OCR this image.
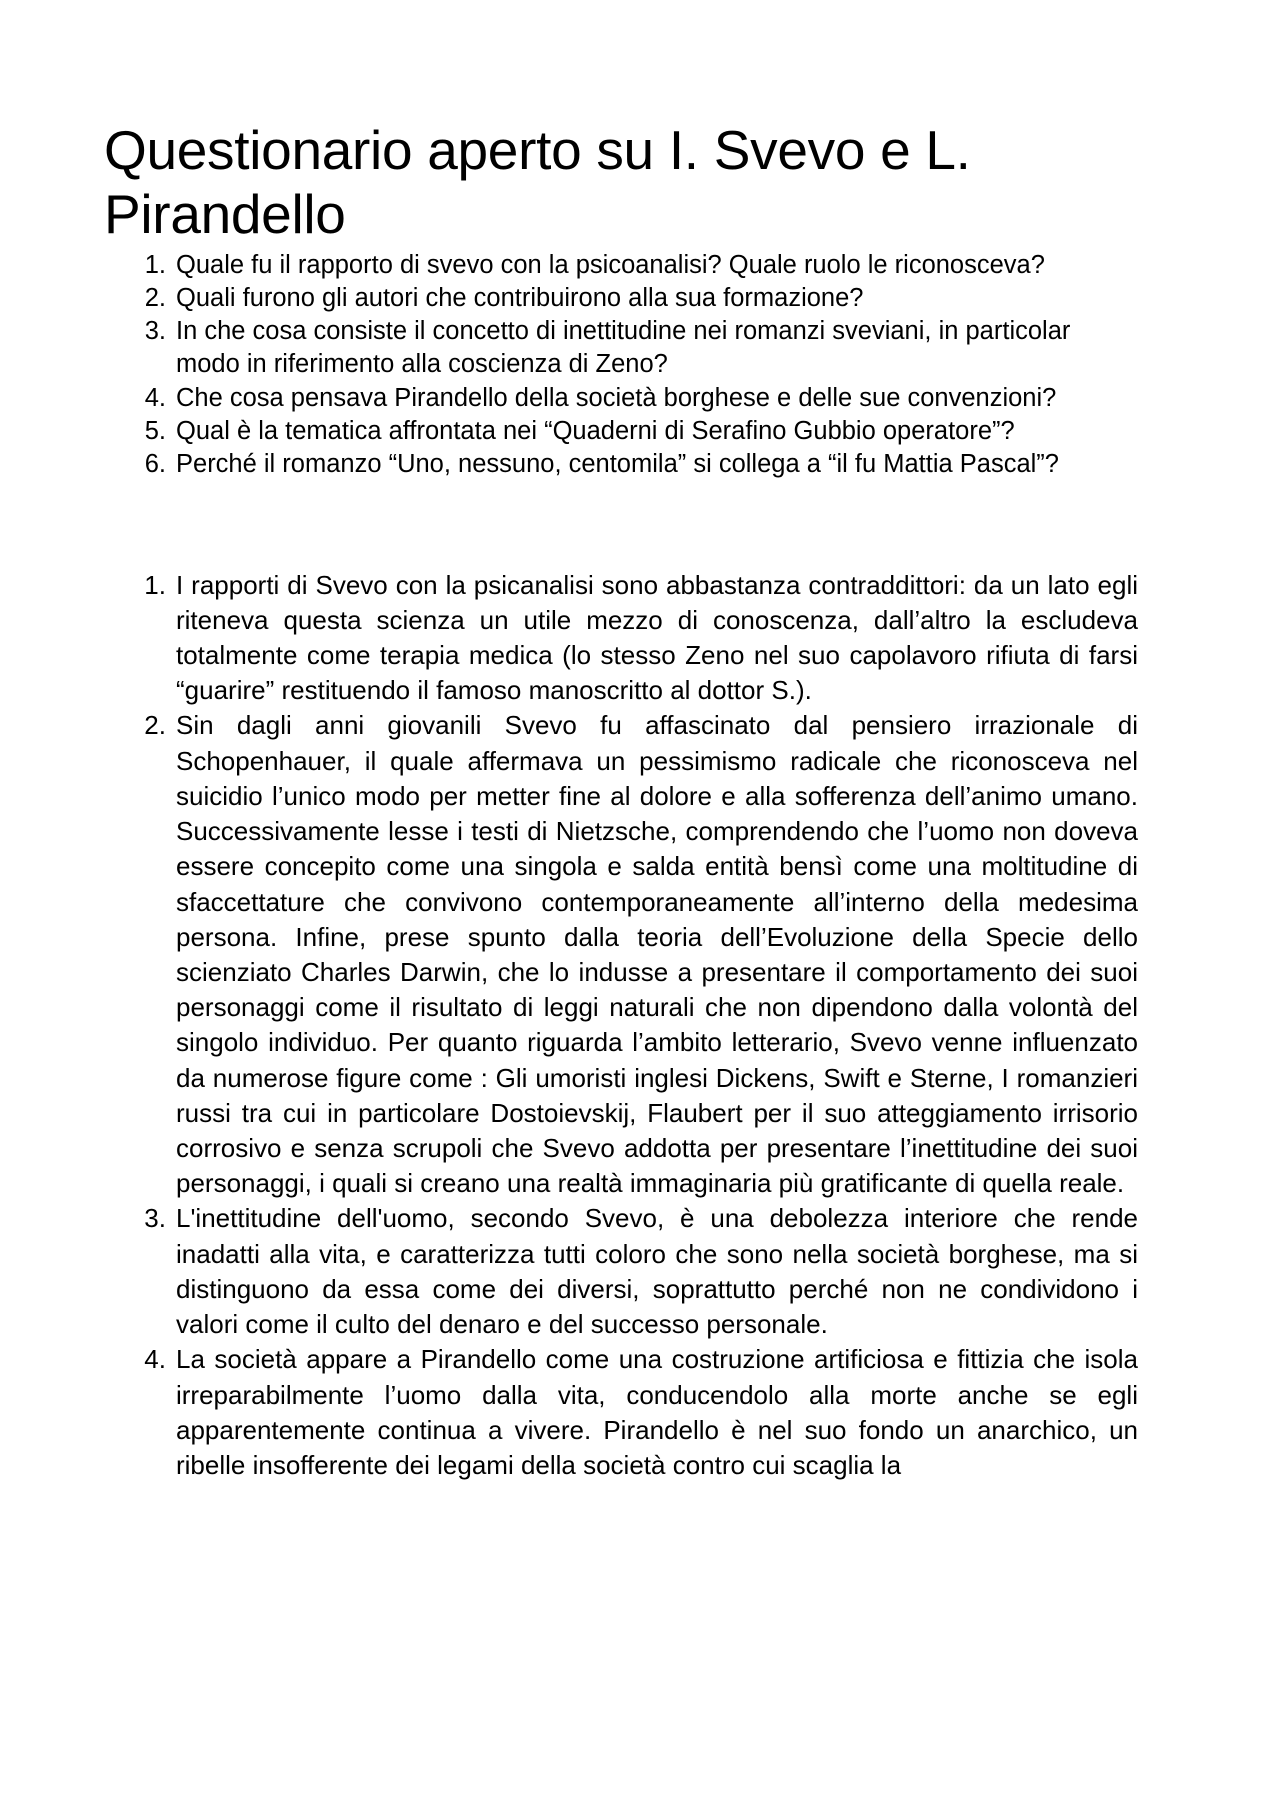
Questionario aperto su I. Svevo e L. Pirandello
Quale fu il rapporto di svevo con la psicoanalisi? Quale ruolo le riconosceva?
Quali furono gli autori che contribuirono alla sua formazione?
In che cosa consiste il concetto di inettitudine nei romanzi sveviani, in particolar modo in riferimento alla coscienza di Zeno?
Che cosa pensava Pirandello della società borghese e delle sue convenzioni?
Qual è la tematica affrontata nei “Quaderni di Serafino Gubbio operatore”?
Perché il romanzo “Uno, nessuno, centomila” si collega a “il fu Mattia Pascal”?
I rapporti di Svevo con la psicanalisi sono abbastanza contraddittori: da un lato egli riteneva questa scienza un utile mezzo di conoscenza, dall’altro la escludeva totalmente come terapia medica (lo stesso Zeno nel suo capolavoro rifiuta di farsi “guarire” restituendo il famoso manoscritto al dottor S.).
Sin dagli anni giovanili Svevo fu affascinato dal pensiero irrazionale di Schopenhauer, il quale affermava un pessimismo radicale che riconosceva nel suicidio l’unico modo per metter fine al dolore e alla sofferenza dell’animo umano. Successivamente lesse i testi di Nietzsche, comprendendo che l’uomo non doveva essere concepito come una singola e salda entità bensì come una moltitudine di sfaccettature che convivono contemporaneamente all’interno della medesima persona. Infine, prese spunto dalla teoria dell’Evoluzione della Specie dello scienziato Charles Darwin, che lo indusse a presentare il comportamento dei suoi personaggi come il risultato di leggi naturali che non dipendono dalla volontà del singolo individuo. Per quanto riguarda l’ambito letterario, Svevo venne influenzato da numerose figure come : Gli umoristi inglesi Dickens, Swift e Sterne, I romanzieri russi tra cui in particolare Dostoievskij, Flaubert per il suo atteggiamento irrisorio corrosivo e senza scrupoli che Svevo addotta per presentare l’inettitudine dei suoi personaggi, i quali si creano una realtà immaginaria più gratificante di quella reale.
L'inettitudine dell'uomo, secondo Svevo, è una debolezza interiore che rende inadatti alla vita, e caratterizza tutti coloro che sono nella società borghese, ma si distinguono da essa come dei diversi, soprattutto perché non ne condividono i valori come il culto del denaro e del successo personale.
La società appare a Pirandello come una costruzione artificiosa e fittizia che isola irreparabilmente l’uomo dalla vita, conducendolo alla morte anche se egli apparentemente continua a vivere. Pirandello è nel suo fondo un anarchico, un ribelle insofferente dei legami della società contro cui scaglia la
